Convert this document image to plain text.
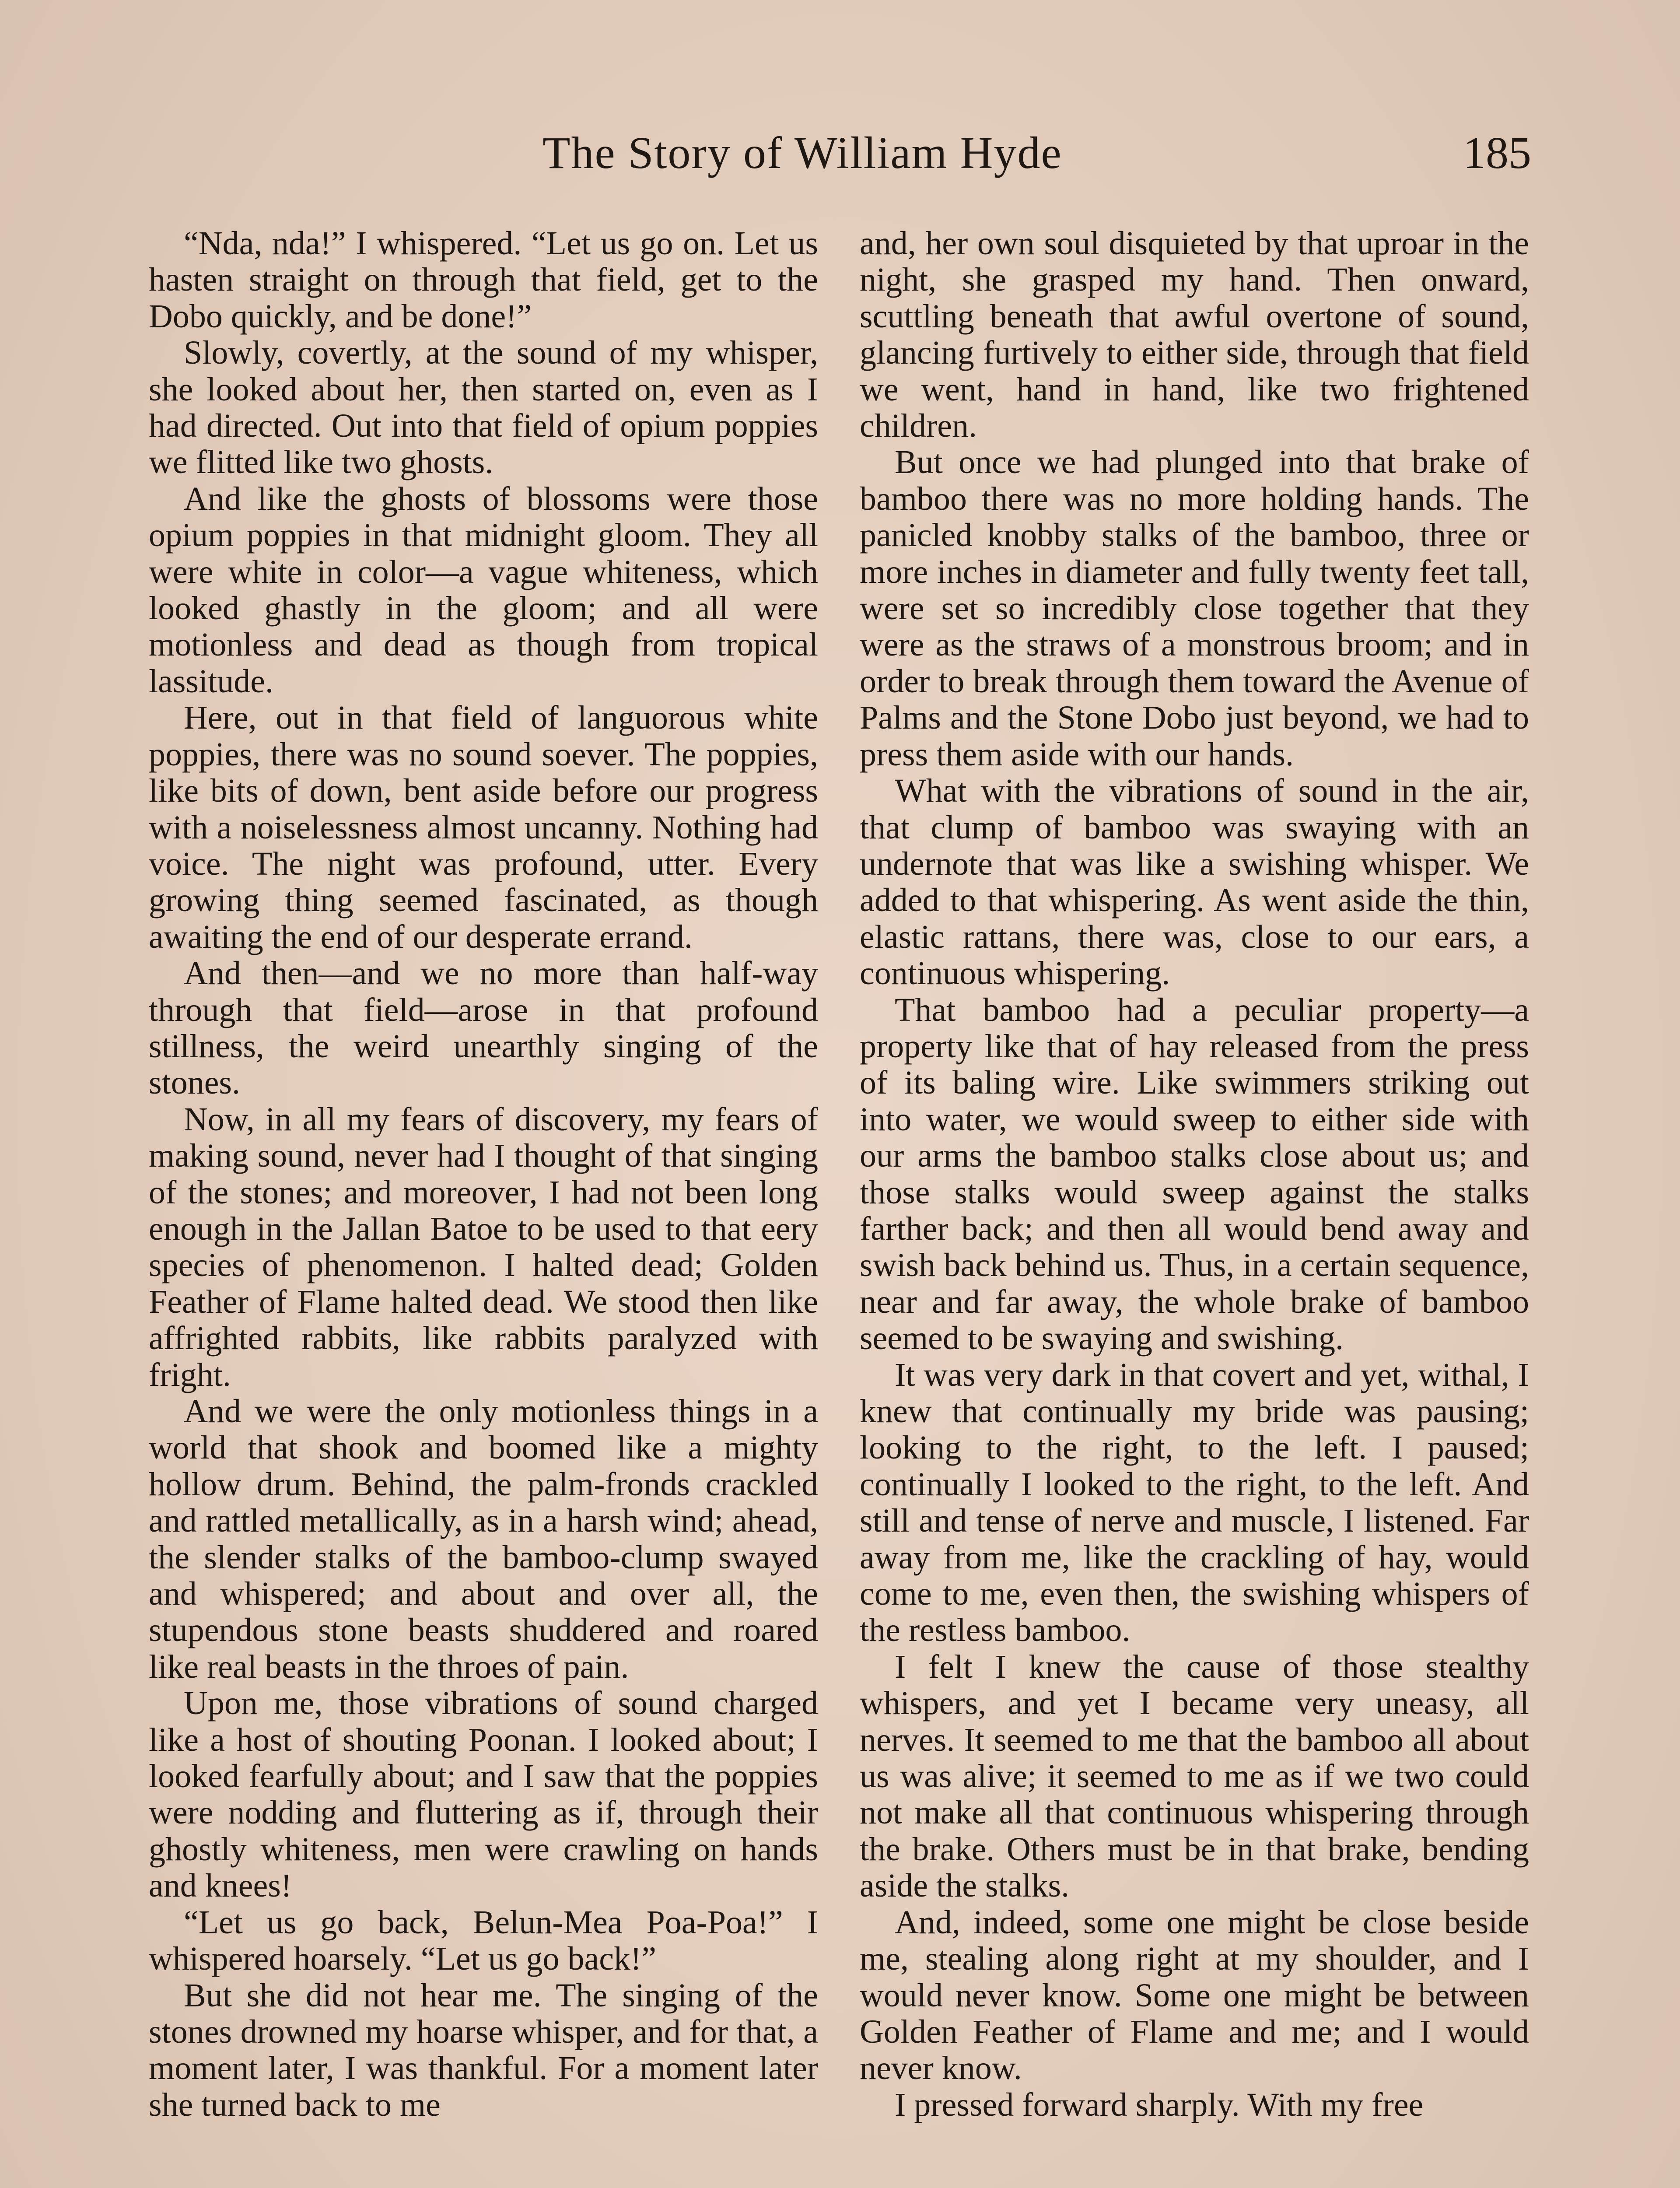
The Story of William Hyde	185

“Nda, nda!” I whispered. “Let us go on. Let us hasten straight on through that field, get to the Dobo quickly, and be done!”

Slowly, covertly, at the sound of my whisper, she looked about her, then started on, even as I had directed. Out into that field of opium poppies we flitted like two ghosts.

And like the ghosts of blossoms were those opium poppies in that midnight gloom. They all were white in color—a vague whiteness, which looked ghastly in the gloom; and all were motionless and dead as though from tropical lassitude.

Here, out in that field of languorous white poppies, there was no sound soever. The poppies, like bits of down, bent aside before our progress with a noiselessness almost uncanny. Nothing had voice. The night was profound, utter. Every growing thing seemed fascinated, as though awaiting the end of our desperate errand.

And then—and we no more than half-way through that field—arose in that profound stillness, the weird unearthly singing of the stones.

Now, in all my fears of discovery, my fears of making sound, never had I thought of that singing of the stones; and moreover, I had not been long enough in the Jallan Batoe to be used to that eery species of phenomenon. I halted dead; Golden Feather of Flame halted dead. We stood then like affrighted rabbits, like rabbits paralyzed with fright.

And we were the only motionless things in a world that shook and boomed like a mighty hollow drum. Behind, the palm-fronds crackled and rattled metallically, as in a harsh wind; ahead, the slender stalks of the bamboo-clump swayed and whispered; and about and over all, the stupendous stone beasts shuddered and roared like real beasts in the throes of pain.

Upon me, those vibrations of sound charged like a host of shouting Poonan. I looked about; I looked fearfully about; and I saw that the poppies were nodding and fluttering as if, through their ghostly whiteness, men were crawling on hands and knees!

“Let us go back, Belun-Mea Poa-Poa!” I whispered hoarsely. “Let us go back!”

But she did not hear me. The singing of the stones drowned my hoarse whisper, and for that, a moment later, I was thankful. For a moment later she turned back to me

and, her own soul disquieted by that uproar in the night, she grasped my hand. Then onward, scuttling beneath that awful overtone of sound, glancing furtively to either side, through that field we went, hand in hand, like two frightened children.

But once we had plunged into that brake of bamboo there was no more holding hands. The panicled knobby stalks of the bamboo, three or more inches in diameter and fully twenty feet tall, were set so incredibly close together that they were as the straws of a monstrous broom; and in order to break through them toward the Avenue of Palms and the Stone Dobo just beyond, we had to press them aside with our hands.

What with the vibrations of sound in the air, that clump of bamboo was swaying with an undernote that was like a swishing whisper. We added to that whispering. As went aside the thin, elastic rattans, there was, close to our ears, a continuous whispering.

That bamboo had a peculiar property—a property like that of hay released from the press of its baling wire. Like swimmers striking out into water, we would sweep to either side with our arms the bamboo stalks close about us; and those stalks would sweep against the stalks farther back; and then all would bend away and swish back behind us. Thus, in a certain sequence, near and far away, the whole brake of bamboo seemed to be swaying and swishing.

It was very dark in that covert and yet, withal, I knew that continually my bride was pausing; looking to the right, to the left. I paused; continually I looked to the right, to the left. And still and tense of nerve and muscle, I listened. Far away from me, like the crackling of hay, would come to me, even then, the swishing whispers of the restless bamboo.

I felt I knew the cause of those stealthy whispers, and yet I became very uneasy, all nerves. It seemed to me that the bamboo all about us was alive; it seemed to me as if we two could not make all that continuous whispering through the brake. Others must be in that brake, bending aside the stalks.

And, indeed, some one might be close beside me, stealing along right at my shoulder, and I would never know. Some one might be between Golden Feather of Flame and me; and I would never know.

I pressed forward sharply. With my free
